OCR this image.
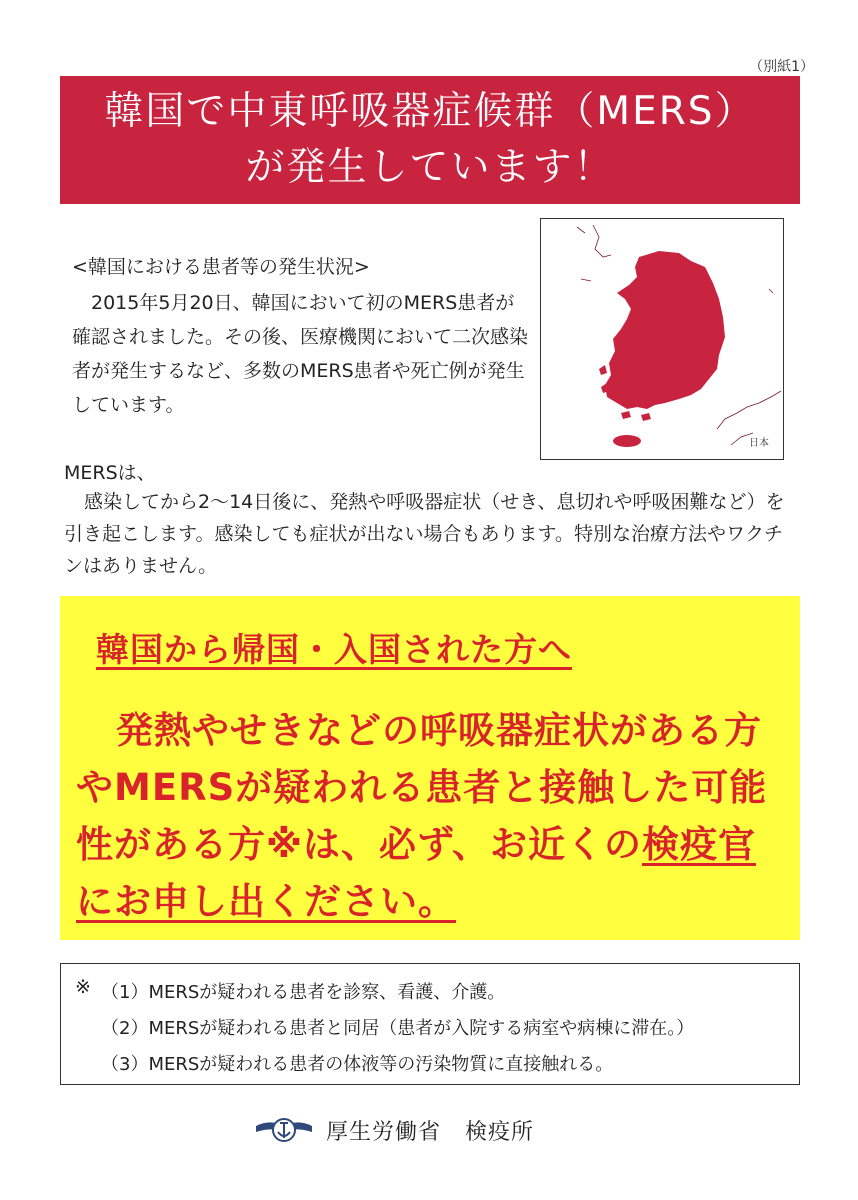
（別紙1）
韓国で中東呼吸器症候群（MERS）
が発生しています！
<韓国における患者等の発生状況>
2015年5月20日、韓国において初のMERS患者が確認されました。その後、医療機関において二次感染者が発生するなど、多数のMERS患者や死亡例が発生しています。
日本
MERSは、
感染してから2～14日後に、発熱や呼吸器症状（せき、息切れや呼吸困難など）を引き起こします。感染しても症状が出ない場合もあります。特別な治療方法やワクチンはありません。
韓国から帰国・入国された方へ
発熱やせきなどの呼吸器症状がある方やMERSが疑われる患者と接触した可能性がある方※は、必ず、お近くの検疫官にお申し出ください。
※ （1）MERSが疑われる患者を診察、看護、介護。
（2）MERSが疑われる患者と同居（患者が入院する病室や病棟に滞在。）
（3）MERSが疑われる患者の体液等の汚染物質に直接触れる。
厚生労働省 検疫所
